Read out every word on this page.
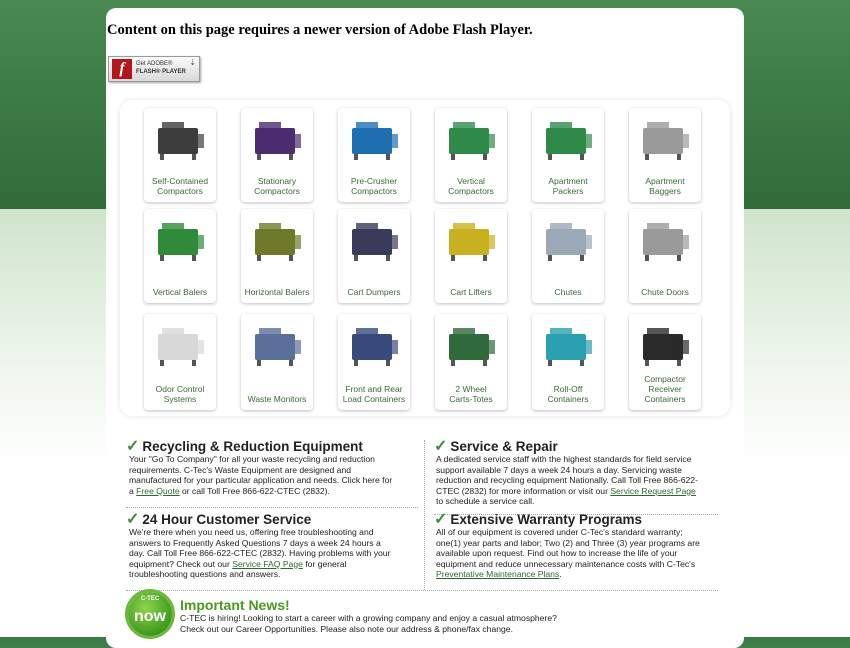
Content on this page requires a newer version of Adobe Flash Player.

f	Get ADOBE®
FLASH® PLAYER
⇣
Self-Contained
Compactors
Stationary
Compactors
Pre-Crusher
Compactors
Vertical
Compactors
Apartment
Packers
Apartment
Baggers
Vertical Balers	Horizontal Balers	Cart Dumpers	Cart Lifters	Chutes	Chute Doors
Odor Control
Systems	Waste Monitors
Front and Rear
Load Containers
2 Wheel
Carts-Totes
Roll-Off
Containers
Compactor
Receiver
Containers
✓ Recycling & Reduction Equipment
Your "Go To Company" for all your waste recycling and reduction
requirements. C-Tec's Waste Equipment are designed and
manufactured for your particular application and needs. Click here for
a Free Quote or call Toll Free 866-622-CTEC (2832).
✓ Service & Repair
A dedicated service staff with the highest standards for field service
support available 7 days a week 24 hours a day. Servicing waste
reduction and recycling equipment Nationally. Call Toll Free 866-622-
CTEC (2832) for more information or visit our Service Request Page
to schedule a service call.
✓ 24 Hour Customer Service
We're there when you need us, offering free troubleshooting and
answers to Frequently Asked Questions 7 days a week 24 hours a
day. Call Toll Free 866-622-CTEC (2832). Having problems with your
equipment? Check out our Service FAQ Page for general
troubleshooting questions and answers.
✓ Extensive Warranty Programs
All of our equipment is covered under C-Tec's standard warranty;
one(1) year parts and labor; Two (2) and Three (3) year programs are
available upon request. Find out how to increase the life of your
equipment and reduce unnecessary maintenance costs with C-Tec's
Preventative Maintenance Plans.
C-TEC
now
Important News!
C-TEC is hiring! Looking to start a career with a growing company and enjoy a casual atmosphere?
Check out our Career Opportunities. Please also note our address & phone/fax change.
